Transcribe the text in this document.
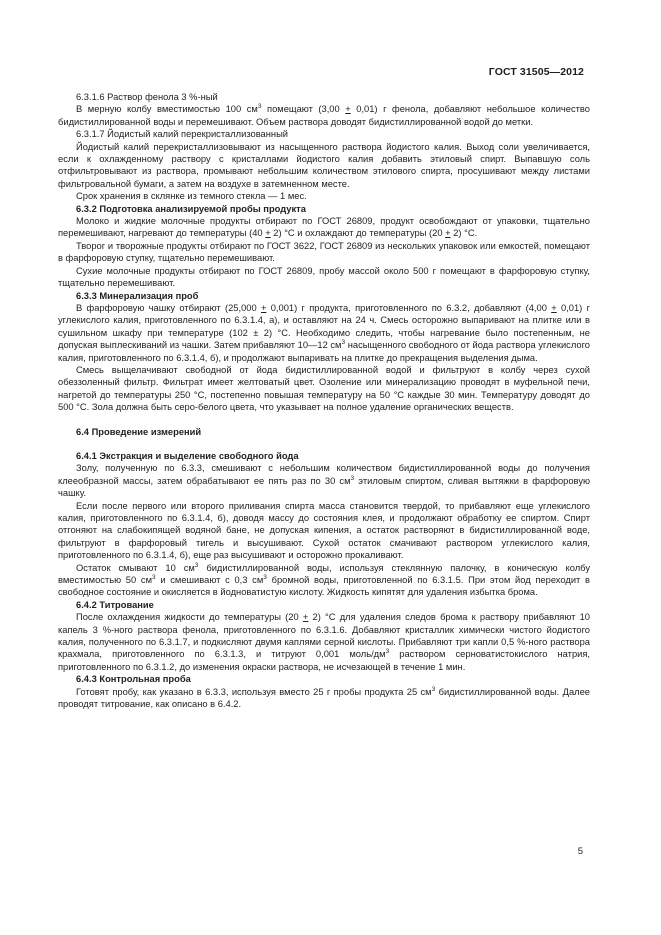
ГОСТ 31505—2012

6.3.1.6 Раствор фенола 3 %-ный

В мерную колбу вместимостью 100 $см^3$ помещают (3,00 + 0,01) г фенола, добавляют небольшое количество бидистиллированной воды и перемешивают. Объем раствора доводят бидистиллированной водой до метки.

6.3.1.7 Йодистый калий перекристаллизованный

Йодистый калий перекристаллизовывают из насыщенного раствора йодистого калия. Выход соли увеличивается, если к охлажденному раствору с кристаллами йодистого калия добавить этиловый спирт. Выпавшую соль отфильтровывают из раствора, промывают небольшим количеством этилового спирта, просушивают между листами фильтровальной бумаги, а затем на воздухе в затемненном месте.

Срок хранения в склянке из темного стекла — 1 мес.

6.3.2 Подготовка анализируемой пробы продукта

Молоко и жидкие молочные продукты отбирают по ГОСТ 26809, продукт освобождают от упаковки, тщательно перемешивают, нагревают до температуры (40 + 2) °С и охлаждают до температуры (20 + 2) °С.

Творог и творожные продукты отбирают по ГОСТ 3622, ГОСТ 26809 из нескольких упаковок или емкостей, помещают в фарфоровую ступку, тщательно перемешивают.

Сухие молочные продукты отбирают по ГОСТ 26809, пробу массой около 500 г помещают в фарфоровую ступку, тщательно перемешивают.

6.3.3 Минерализация проб

В фарфоровую чашку отбирают (25,000 + 0,001) г продукта, приготовленного по 6.3.2, добавляют (4,00 + 0,01) г углекислого калия, приготовленного по 6.3.1.4, а), и оставляют на 24 ч. Смесь осторожно выпаривают на плитке или в сушильном шкафу при температуре (102 ± 2) °С. Необходимо следить, чтобы нагревание было постепенным, не допуская выплескиваний из чашки. Затем прибавляют 10—12 $см^3$ насыщенного свободного от йода раствора углекислого калия, приготовленного по 6.3.1.4, б), и продолжают выпаривать на плитке до прекращения выделения дыма.

Смесь выщелачивают свободной от йода бидистиллированной водой и фильтруют в колбу через сухой обеззоленный фильтр. Фильтрат имеет желтоватый цвет. Озоление или минерализацию проводят в муфельной печи, нагретой до температуры 250 °С, постепенно повышая температуру на 50 °С каждые 30 мин. Температуру доводят до 500 °С. Зола должна быть серо-белого цвета, что указывает на полное удаление органических веществ.

6.4 Проведение измерений

6.4.1 Экстракция и выделение свободного йода

Золу, полученную по 6.3.3, смешивают с небольшим количеством бидистиллированной воды до получения клееобразной массы, затем обрабатывают ее пять раз по 30 $см^3$ этиловым спиртом, сливая вытяжки в фарфоровую чашку.

Если после первого или второго приливания спирта масса становится твердой, то прибавляют еще углекислого калия, приготовленного по 6.3.1.4, б), доводя массу до состояния клея, и продолжают обработку ее спиртом. Спирт отгоняют на слабокипящей водяной бане, не допуская кипения, а остаток растворяют в бидистиллированной воде, фильтруют в фарфоровый тигель и высушивают. Сухой остаток смачивают раствором углекислого калия, приготовленного по 6.3.1.4, б), еще раз высушивают и осторожно прокаливают.

Остаток смывают 10 $см^3$ бидистиллированной воды, используя стеклянную палочку, в коническую колбу вместимостью 50 $см^3$ и смешивают с 0,3 $см^3$ бромной воды, приготовленной по 6.3.1.5. При этом йод переходит в свободное состояние и окисляется в йодноватистую кислоту. Жидкость кипятят для удаления избытка брома.

6.4.2 Титрование

После охлаждения жидкости до температуры (20 + 2) °С для удаления следов брома к раствору прибавляют 10 капель 3 %-ного раствора фенола, приготовленного по 6.3.1.6. Добавляют кристаллик химически чистого йодистого калия, полученного по 6.3.1.7, и подкисляют двумя каплями серной кислоты. Прибавляют три капли 0,5 %-ного раствора крахмала, приготовленного по 6.3.1.3, и титруют 0,001 моль/$дм^3$ раствором серноватистокислого натрия, приготовленного по 6.3.1.2, до изменения окраски раствора, не исчезающей в течение 1 мин.

6.4.3 Контрольная проба

Готовят пробу, как указано в 6.3.3, используя вместо 25 г пробы продукта 25 $см^3$ бидистиллированной воды. Далее проводят титрование, как описано в 6.4.2.

5
